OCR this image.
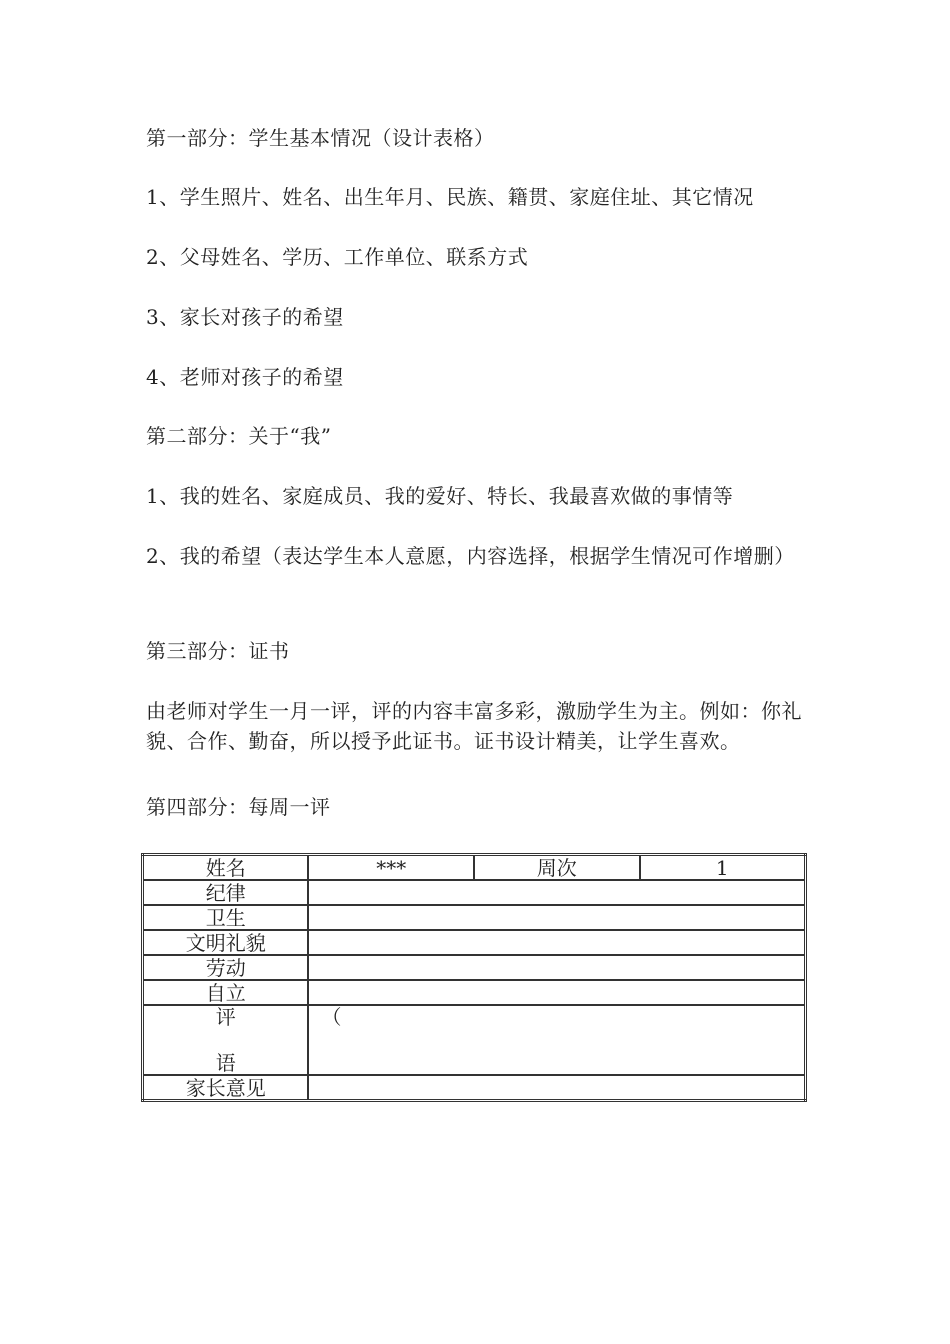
第一部分：学生基本情况（设计表格）
1、学生照片、姓名、出生年月、民族、籍贯、家庭住址、其它情况
2、父母姓名、学历、工作单位、联系方式
3、家长对孩子的希望
4、老师对孩子的希望
第二部分：关于“我”
1、我的姓名、家庭成员、我的爱好、特长、我最喜欢做的事情等
2、我的希望（表达学生本人意愿，内容选择，根据学生情况可作增删）
第三部分：证书
由老师对学生一月一评，评的内容丰富多彩，激励学生为主。例如：你礼貌、合作、勤奋，所以授予此证书。证书设计精美，让学生喜欢。
第四部分：每周一评
姓名	***	周次	1
纪律			
卫生			
文明礼貌			
劳动			
自立			

评
语	（		
家长意见			
